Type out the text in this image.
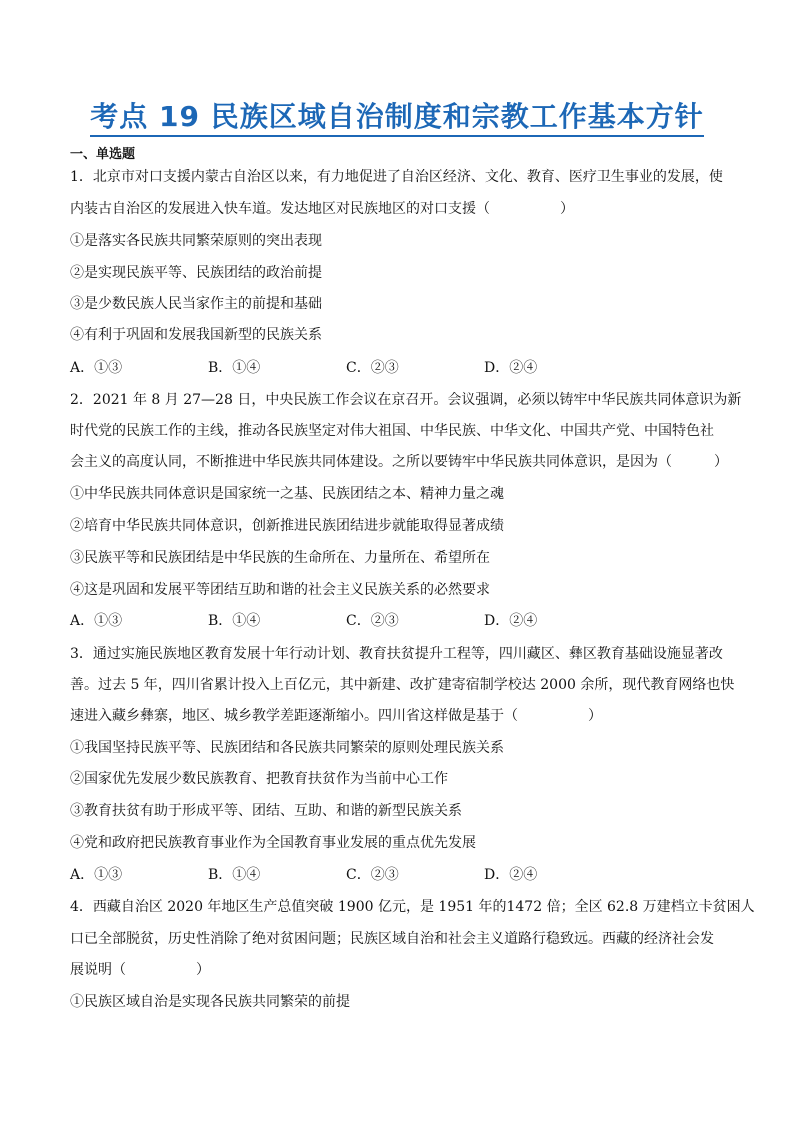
考点 19 民族区域自治制度和宗教工作基本方针
一、单选题
1．北京市对口支援内蒙古自治区以来，有力地促进了自治区经济、文化、教育、医疗卫生事业的发展，使
内装古自治区的发展进入快车道。发达地区对民族地区的对口支援（　　　　　）
①是落实各民族共同繁荣原则的突出表现
②是实现民族平等、民族团结的政治前提
③是少数民族人民当家作主的前提和基础
④有利于巩固和发展我国新型的民族关系
A．①③	B．①④	C．②③	D．②④
2．2021 年 8 月 27—28 日，中央民族工作会议在京召开。会议强调，必须以铸牢中华民族共同体意识为新
时代党的民族工作的主线，推动各民族坚定对伟大祖国、中华民族、中华文化、中国共产党、中国特色社
会主义的高度认同，不断推进中华民族共同体建设。之所以要铸牢中华民族共同体意识，是因为（　　　）
①中华民族共同体意识是国家统一之基、民族团结之本、精神力量之魂
②培育中华民族共同体意识，创新推进民族团结进步就能取得显著成绩
③民族平等和民族团结是中华民族的生命所在、力量所在、希望所在
④这是巩固和发展平等团结互助和谐的社会主义民族关系的必然要求
A．①③	B．①④	C．②③	D．②④
3．通过实施民族地区教育发展十年行动计划、教育扶贫提升工程等，四川藏区、彝区教育基础设施显著改
善。过去 5 年，四川省累计投入上百亿元，其中新建、改扩建寄宿制学校达 2000 余所，现代教育网络也快
速进入藏乡彝寨，地区、城乡教学差距逐渐缩小。四川省这样做是基于（　　　　　）
①我国坚持民族平等、民族团结和各民族共同繁荣的原则处理民族关系
②国家优先发展少数民族教育、把教育扶贫作为当前中心工作
③教育扶贫有助于形成平等、团结、互助、和谐的新型民族关系
④党和政府把民族教育事业作为全国教育事业发展的重点优先发展
A．①③	B．①④	C．②③	D．②④
4．西藏自治区 2020 年地区生产总值突破 1900 亿元，是 1951 年的1472 倍；全区 62.8 万建档立卡贫困人
口已全部脱贫，历史性消除了绝对贫困问题；民族区域自治和社会主义道路行稳致远。西藏的经济社会发
展说明（　　　　　）
①民族区域自治是实现各民族共同繁荣的前提
